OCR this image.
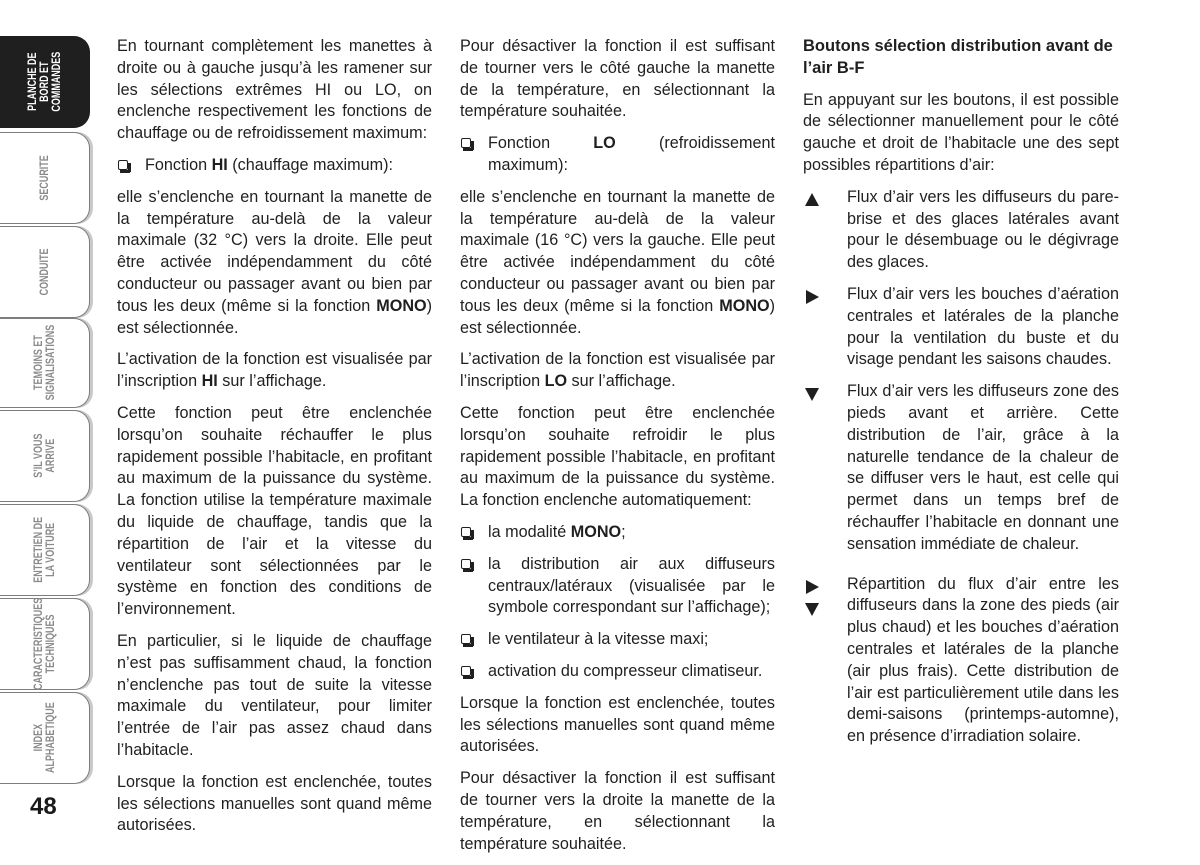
PLANCHE DE
BORD ET
COMMANDES
SECURITE
CONDUITE
TEMOINS ET
SIGNALISATIONS
S’IL VOUS
ARRIVE
ENTRETIEN DE
LA VOITURE
CARACTERISTIQUES
TECHNIQUES
INDEX
ALPHABETIQUE
48

En tournant complètement les manettes à droite ou à gauche jusqu’à les ramener sur les sélections extrêmes HI ou LO, on enclenche respectivement les fonctions de chauffage ou de refroidissement maximum:

Fonction HI (chauffage maximum):

elle s’enclenche en tournant la manette de la température au-delà de la valeur maximale (32 °C) vers la droite. Elle peut être activée indépendamment du côté conducteur ou passager avant ou bien par tous les deux (même si la fonction MONO) est sélectionnée.

L’activation de la fonction est visualisée par l’inscription HI sur l’affichage.

Cette fonction peut être enclenchée lorsqu’on souhaite réchauffer le plus rapidement possible l’habitacle, en profitant au maximum de la puissance du système. La fonction utilise la température maximale du liquide de chauffage, tandis que la répartition de l’air et la vitesse du ventilateur sont sélectionnées par le système en fonction des conditions de l’environnement.

En particulier, si le liquide de chauffage n’est pas suffisamment chaud, la fonction n’enclenche pas tout de suite la vitesse maximale du ventilateur, pour limiter l’entrée de l’air pas assez chaud dans l’habitacle.

Lorsque la fonction est enclenchée, toutes les sélections manuelles sont quand même autorisées.

Pour désactiver la fonction il est suffisant de tourner vers le côté gauche la manette de la température, en sélectionnant la température souhaitée.

Fonction LO (refroidissement maximum):

elle s’enclenche en tournant la manette de la température au-delà de la valeur maximale (16 °C) vers la gauche. Elle peut être activée indépendamment du côté conducteur ou passager avant ou bien par tous les deux (même si la fonction MONO) est sélectionnée.

L’activation de la fonction est visualisée par l’inscription LO sur l’affichage.

Cette fonction peut être enclenchée lorsqu’on souhaite refroidir le plus rapidement possible l’habitacle, en profitant au maximum de la puissance du système. La fonction enclenche automatiquement:

la modalité MONO;
la distribution air aux diffuseurs centraux/latéraux (visualisée par le symbole correspondant sur l’affichage);
le ventilateur à la vitesse maxi;
activation du compresseur climatiseur.

Lorsque la fonction est enclenchée, toutes les sélections manuelles sont quand même autorisées.

Pour désactiver la fonction il est suffisant de tourner vers la droite la manette de la température, en sélectionnant la température souhaitée.

Boutons sélection distribution avant de l’air B-F

En appuyant sur les boutons, il est possible de sélectionner manuellement pour le côté gauche et droit de l’habitacle une des sept possibles répartitions d’air:

Flux d’air vers les diffuseurs du pare-brise et des glaces latérales avant pour le désembuage ou le dégivrage des glaces.
Flux d’air vers les bouches d’aération centrales et latérales de la planche pour la ventilation du buste et du visage pendant les saisons chaudes.
Flux d’air vers les diffuseurs zone des pieds avant et arrière. Cette distribution de l’air, grâce à la naturelle tendance de la chaleur de se diffuser vers le haut, est celle qui permet dans un temps bref de réchauffer l’habitacle en donnant une sensation immédiate de chaleur.
Répartition du flux d’air entre les diffuseurs dans la zone des pieds (air plus chaud) et les bouches d’aération centrales et latérales de la planche (air plus frais). Cette distribution de l’air est particulièrement utile dans les demi-saisons (printemps-automne), en présence d’irradiation solaire.
